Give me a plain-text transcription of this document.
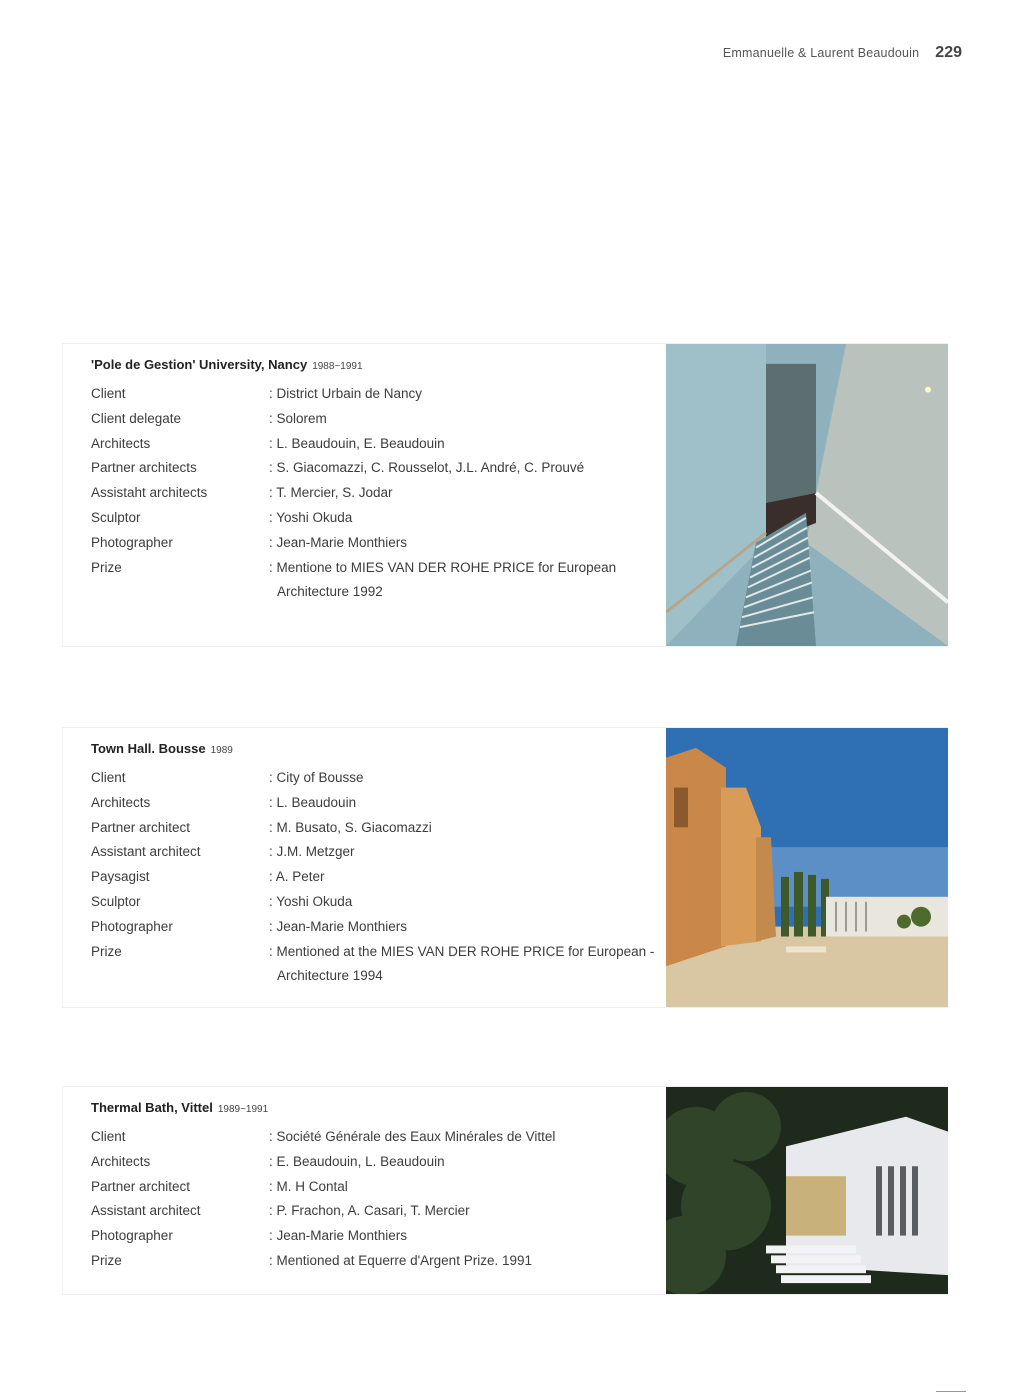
Emmanuelle & Laurent Beaudouin 229
'Pole de Gestion' University, Nancy 1988~1991
Client	: District Urbain de Nancy
Client delegate	: Solorem
Architects	: L. Beaudouin, E. Beaudouin
Partner architects	: S. Giacomazzi, C. Rousselot, J.L. André, C. Prouvé
Assistaht architects	: T. Mercier, S. Jodar
Sculptor	: Yoshi Okuda
Photographer	: Jean-Marie Monthiers
Prize	: Mentione to MIES VAN DER ROHE PRICE for European Architecture 1992
Town Hall. Bousse 1989
Client	: City of Bousse
Architects	: L. Beaudouin
Partner architect	: M. Busato, S. Giacomazzi
Assistant architect	: J.M. Metzger
Paysagist	: A. Peter
Sculptor	: Yoshi Okuda
Photographer	: Jean-Marie Monthiers
Prize	: Mentioned at the MIES VAN DER ROHE PRICE for European - Architecture 1994
Thermal Bath, Vittel 1989~1991
Client	: Société Générale des Eaux Minérales de Vittel
Architects	: E. Beaudouin, L. Beaudouin
Partner architect	: M. H Contal
Assistant architect	: P. Frachon, A. Casari, T. Mercier
Photographer	: Jean-Marie Monthiers
Prize	: Mentioned at Equerre d'Argent Prize. 1991
